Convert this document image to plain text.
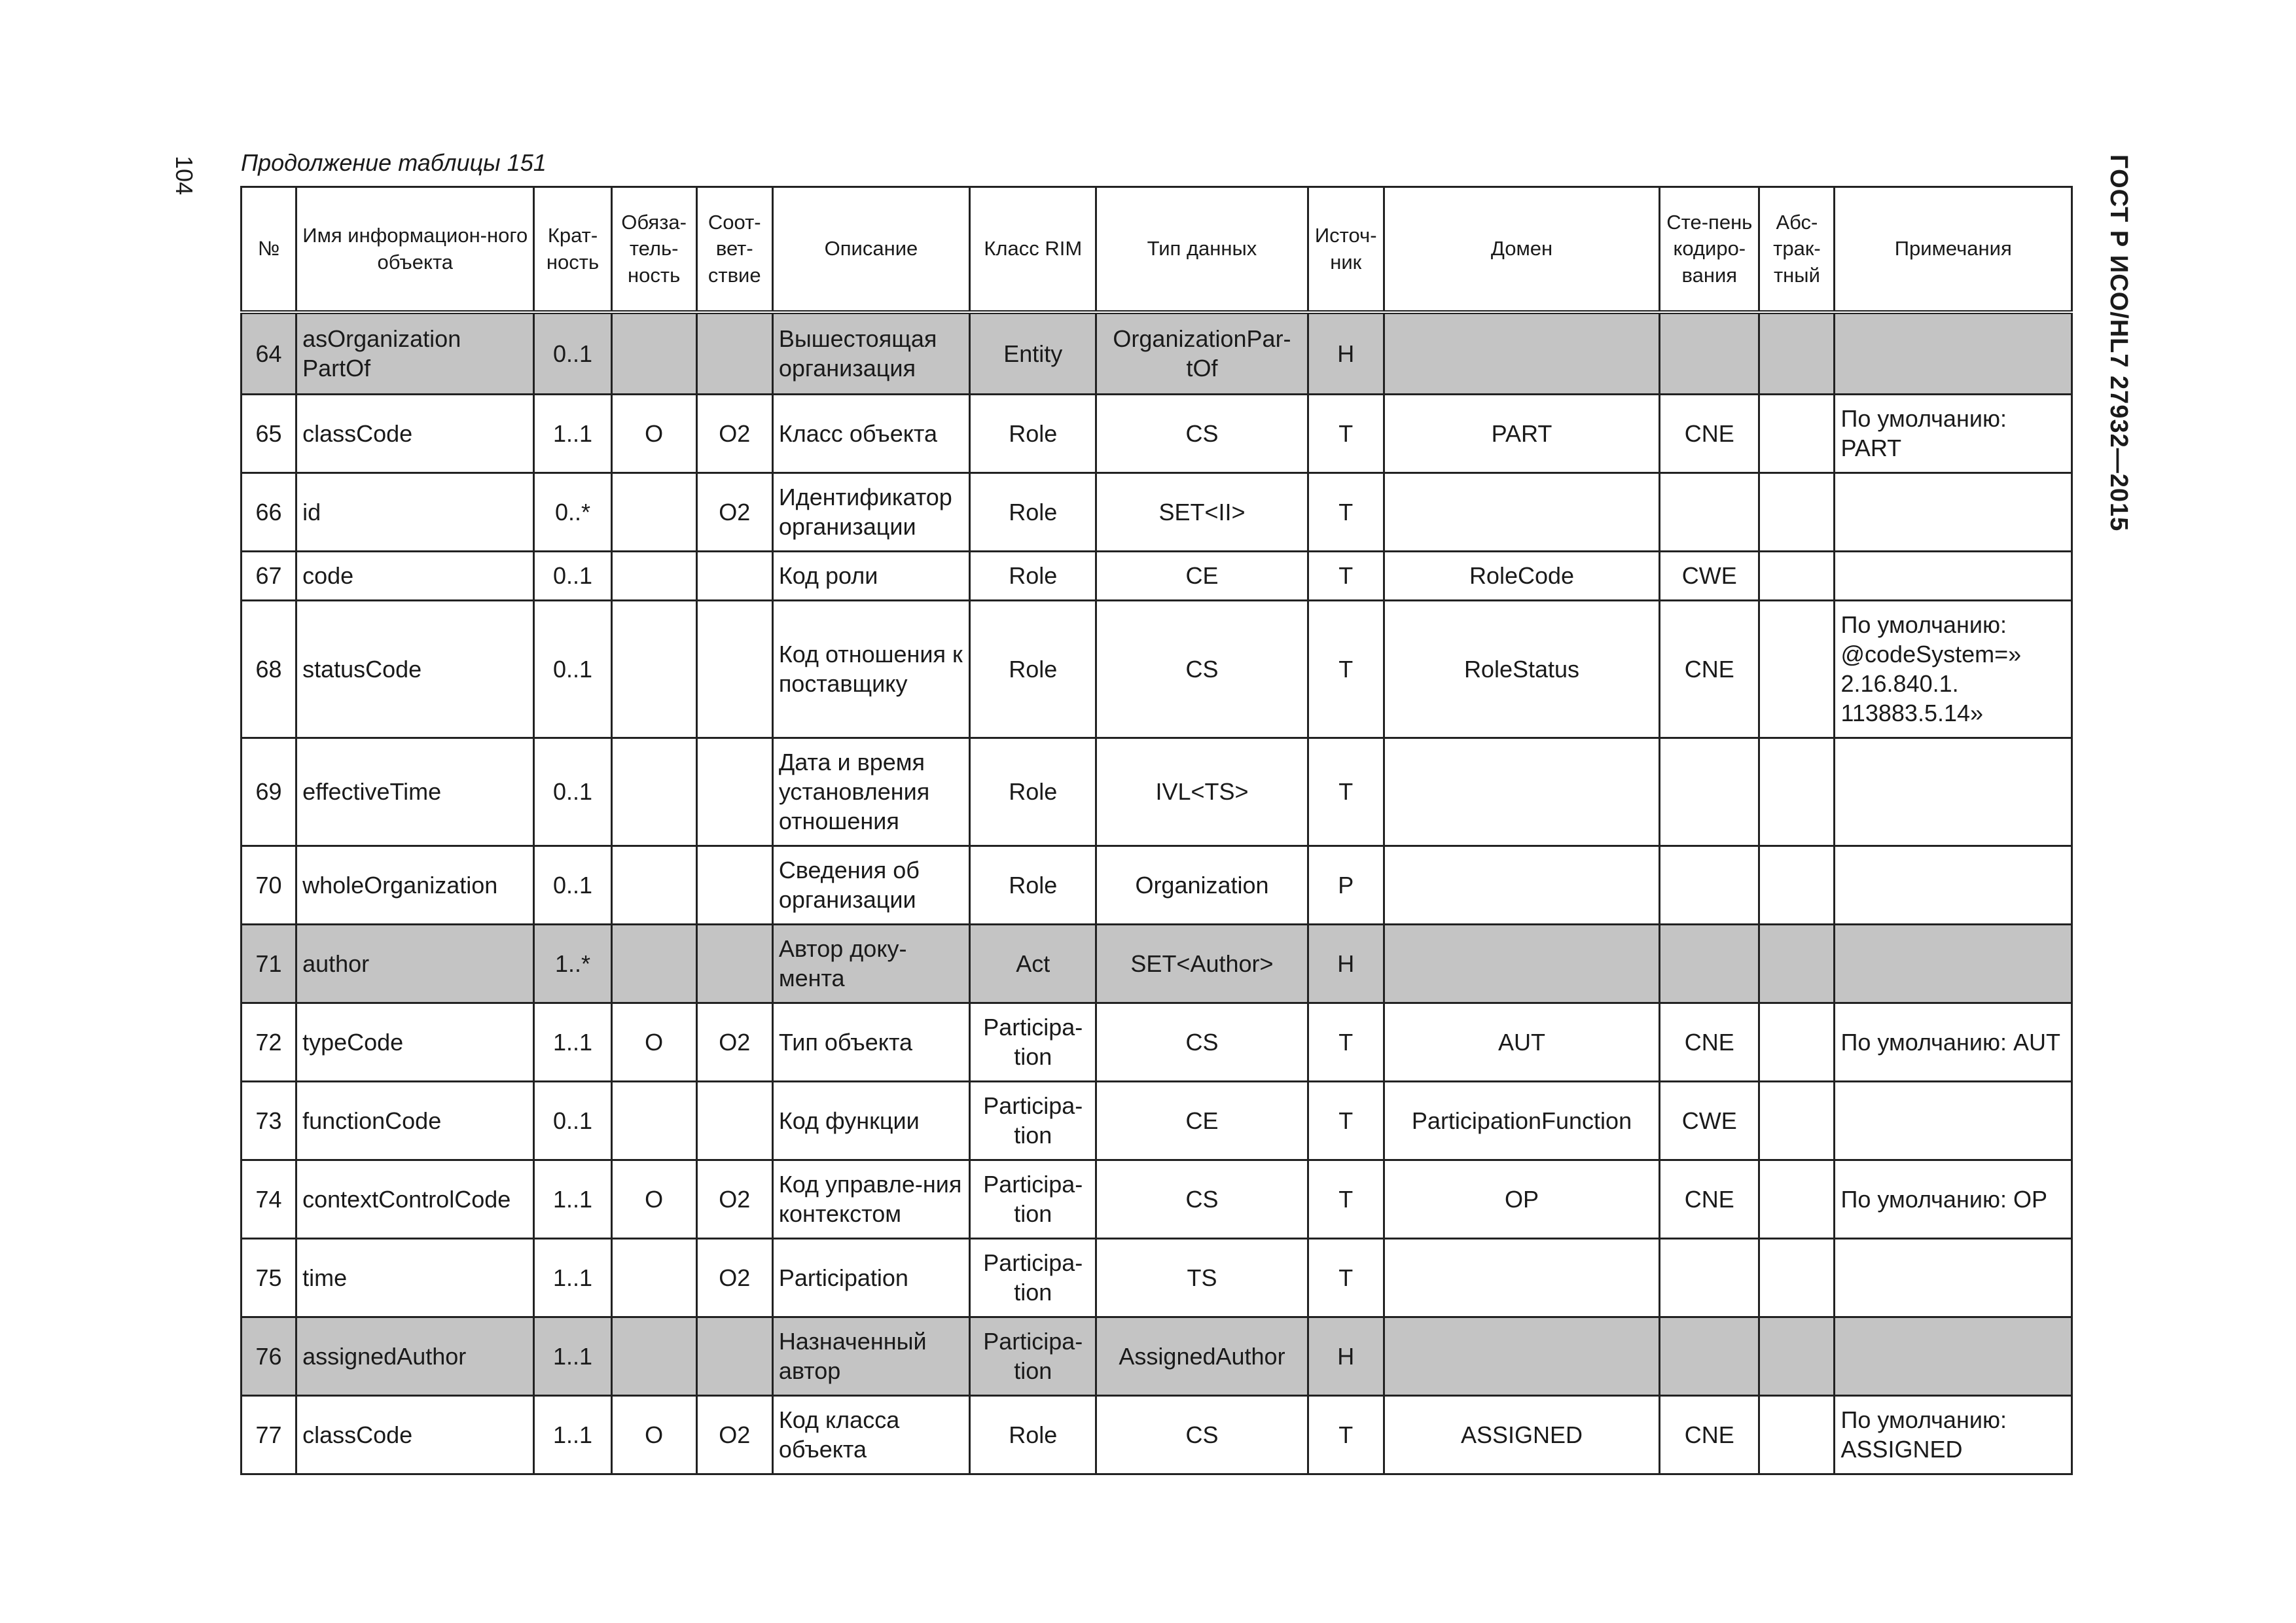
104 Продолжение таблицы 151	ГОСТ Р ИСО/HL7 27932—2015
№	Имя информацион-ного объекта	Крат-ность	Обяза-тель-ность	Соот-вет-ствие	Описание	Класс RIM	Тип данных	Источ-ник	Домен	Сте-пень кодиро-вания	Абс-трак-тный	Примечания
64	asOrganization PartOf	0..1			Вышестоящая организация	Entity	OrganizationPar-tOf	H				
65	classCode	1..1	O	O2	Класс объекта	Role	CS	T	PART	CNE		По умолчанию: PART
66	id	0..*		O2	Идентификатор организации	Role	SET<II>	T				
67	code	0..1			Код роли	Role	CE	T	RoleCode	CWE		
68	statusCode	0..1			Код отношения к поставщику	Role	CS	T	RoleStatus	CNE		По умолчанию: @codeSystem=» 2.16.840.1. 113883.5.14»
69	effectiveTime	0..1			Дата и время установления отношения	Role	IVL<TS>	T				
70	wholeOrganization	0..1			Сведения об организации	Role	Organization	P				
71	author	1..*			Автор доку-мента	Act	SET<Author>	H				
72	typeCode	1..1	O	O2	Тип объекта	Participa-tion	CS	T	AUT	CNE		По умолчанию: AUT
73	functionCode	0..1			Код функции	Participa-tion	CE	T	ParticipationFunction	CWE		
74	contextControlCode	1..1	O	O2	Код управле-ния контекстом	Participa-tion	CS	T	OP	CNE		По умолчанию: OP
75	time	1..1		O2	Participation	Participa-tion	TS	T				
76	assignedAuthor	1..1			Назначенный автор	Participa-tion	AssignedAuthor	H				
77	classCode	1..1	O	O2	Код класса объекта	Role	CS	T	ASSIGNED	CNE		По умолчанию: ASSIGNED
